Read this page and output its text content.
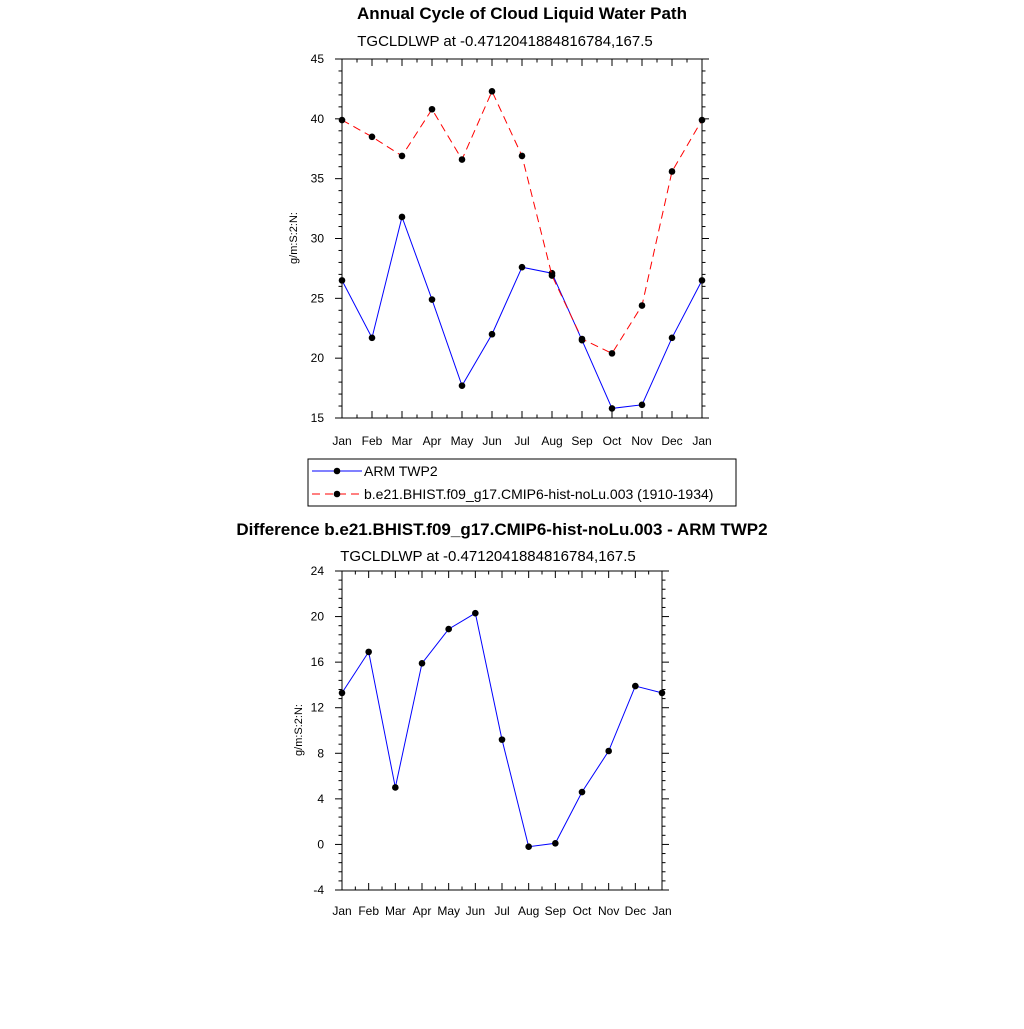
Annual Cycle of Cloud Liquid Water Path
TGCLDLWP at -0.4712041884816784,167.5
g/m:S:2:N:
Jan Feb Mar Apr May Jun Jul Aug Sep Oct Nov Dec Jan
15
20
25
30
35
40
45
ARM TWP2
b.e21.BHIST.f09_g17.CMIP6-hist-noLu.003 (1910-1934)
Difference b.e21.BHIST.f09_g17.CMIP6-hist-noLu.003 - ARM TWP2
TGCLDLWP at -0.4712041884816784,167.5
g/m:S:2:N:
Jan Feb Mar Apr May Jun Jul Aug Sep Oct Nov Dec Jan
-4
0
4
8
12
16
20
24
